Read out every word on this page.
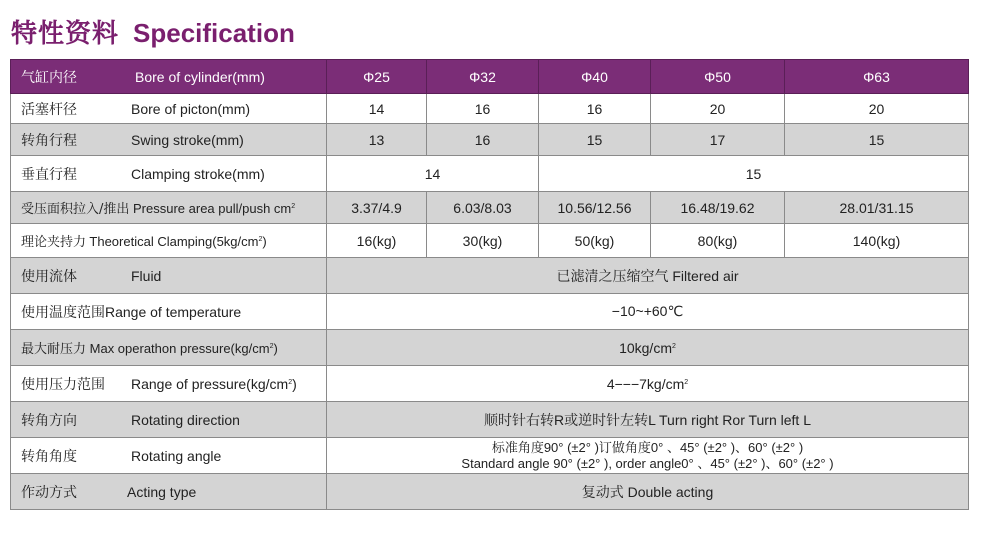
特性资料 Specification
气缸内径 Bore of cylinder(mm)	Φ25	Φ32	Φ40	Φ50	Φ63
活塞杆径 Bore of picton(mm)	14	16	16	20	20
转角行程 Swing stroke(mm)	13	16	15	17	15
垂直行程 Clamping stroke(mm)	14		15		
受压面积拉入/推出 Pressure area pull/push $cm^2$	3.37/4.9	6.03/8.03	10.56/12.56	16.48/19.62	28.01/31.15
理论夹持力 Theoretical $Clamping(5kg/cm^2)$	16(kg)	30(kg)	50(kg)	80(kg)	140(kg)
使用流体 Fluid	已滤清之压缩空气 Filtered air				
使用温度范围Range of temperature	−10~+60℃				
最大耐压力 Max operathon $pressure(kg/cm^2)$	$10kg/cm^2$
使用压力范围 Range of $pressure(kg/cm^2)$	$4---7kg/cm^2$
转角方向 Rotating direction	顺时针右转R或逆时针左转L Turn right Ror Turn left L				
转角角度 Rotating angle	标准角度90° (±2° )订做角度0° 、45° (±2° )、60° (±2° )
Standard angle 90° (±2° ), order angle0° 、45° (±2° )、60° (±2° )				

作动方式 Acting type	复动式 Double acting				
